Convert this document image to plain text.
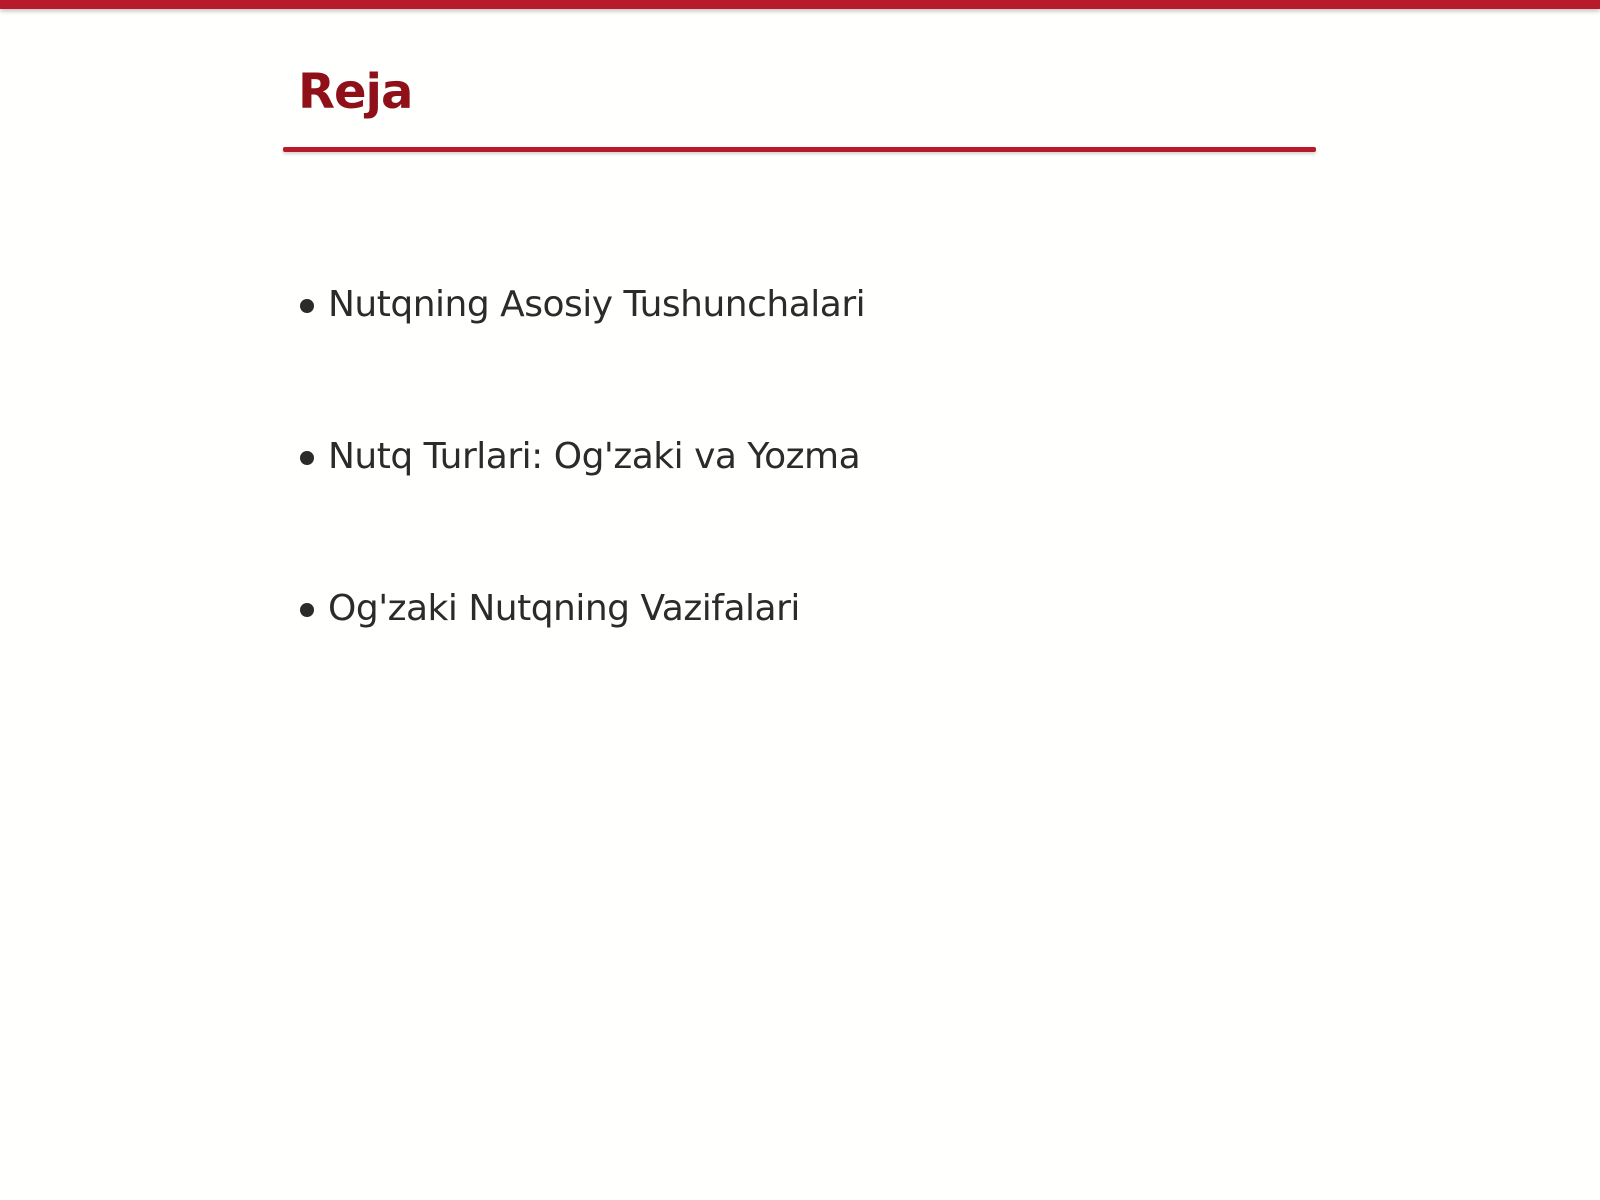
Reja
Nutqning Asosiy Tushunchalari
Nutq Turlari: Og'zaki va Yozma
Og'zaki Nutqning Vazifalari
